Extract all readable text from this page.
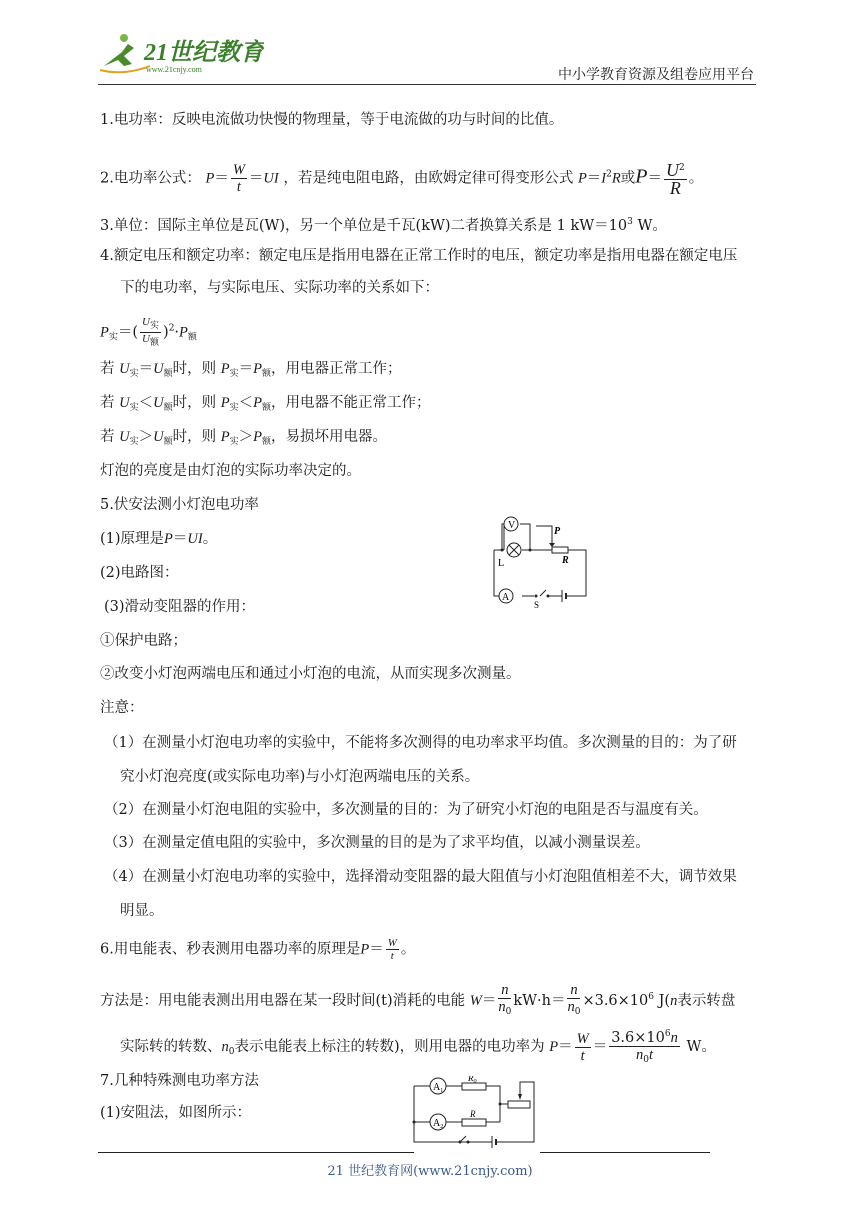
21世纪教育
www.21cnjy.com	中小学教育资源及组卷应用平台
1.电功率：反映电流做功快慢的物理量，等于电流做的功与时间的比值。
2.电功率公式： $P= \frac{W}{t} =UI$ ，若是纯电阻电路，由欧姆定律可得变形公式 $P=I^2R$或$P= \frac{U^2}{R}$ 。
3.单位：国际主单位是瓦(W)，另一个单位是千瓦(kW)二者换算关系是 1 $kW=10^3$ W。
4.额定电压和额定功率：额定电压是指用电器在正常工作时的电压，额定功率是指用电器在额定电压
下的电功率，与实际电压、实际功率的关系如下：
$P_实=( \frac{U_实}{U_额} )^2\cdot P_额$
若 $U_实=U_额$时，则 $P_实=P_额$，用电器正常工作；
若 $U_实<U_额$时，则 $P_实<P_额$，用电器不能正常工作；
若 $U_实>U_额$时，则 $P_实>P_额$，易损坏用电器。
灯泡的亮度是由灯泡的实际功率决定的。
5.伏安法测小灯泡电功率
(1)原理是P＝UI。
(2)电路图：
(3)滑动变阻器的作用：
①保护电路；
②改变小灯泡两端电压和通过小灯泡的电流，从而实现多次测量。
V
A
L
P
R
S
注意：
（1）在测量小灯泡电功率的实验中，不能将多次测得的电功率求平均值。多次测量的目的：为了研
究小灯泡亮度(或实际电功率)与小灯泡两端电压的关系。
（2）在测量小灯泡电阻的实验中，多次测量的目的：为了研究小灯泡的电阻是否与温度有关。
（3）在测量定值电阻的实验中，多次测量的目的是为了求平均值，以减小测量误差。
（4）在测量小灯泡电功率的实验中，选择滑动变阻器的最大阻值与小灯泡阻值相差不大，调节效果
明显。
6.用电能表、秒表测用电器功率的原理是$P= \frac{W}{t}$ 。
方法是：用电能表测出用电器在某一段时间(t)消耗的电能 $W= \frac{n}{n_0} kW\cdot h= \frac{n}{n_0} \times 3.6\times 10^6$ J(n表示转盘
实际转的转数、$n_0$表示电能表上标注的转数)，则用电器的电功率为 $P= \frac{W}{t} = \frac{3.6\times 10^6n}{n_0t}$ W。
7.几种特殊测电功率方法
(1)安阻法，如图所示：
$A_1$
$A_2$
$R_0$
R
21 世纪教育网(www.21cnjy.com)
